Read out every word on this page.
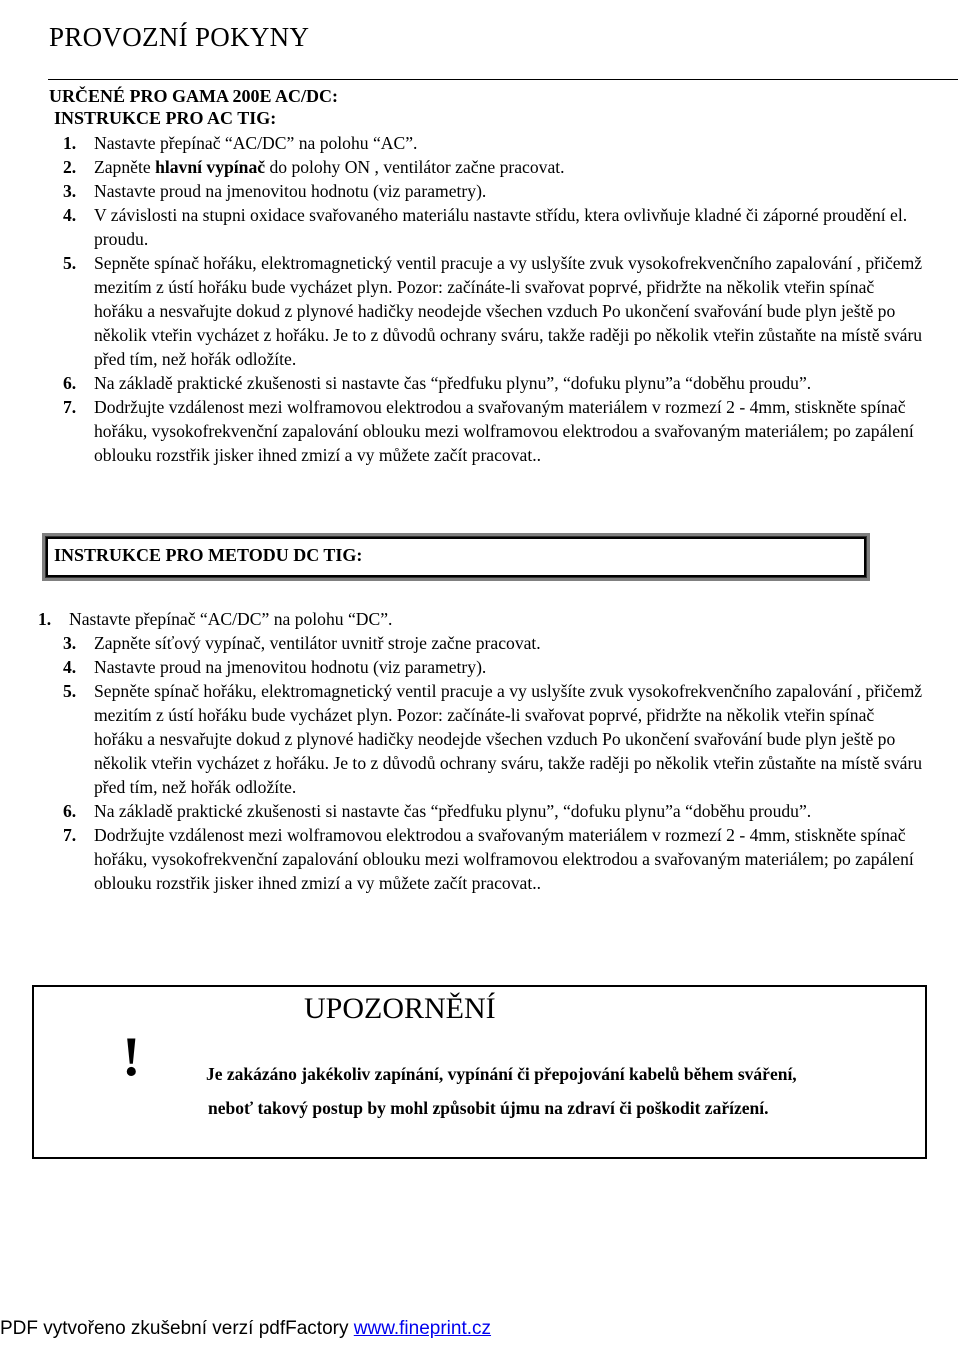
PROVOZNÍ POKYNY
URČENÉ PRO GAMA 200E AC/DC:
INSTRUKCE PRO AC TIG:
1.	Nastavte přepínač “AC/DC” na polohu “AC”.
2.	Zapněte hlavní vypínač do polohy ON , ventilátor začne pracovat.
3.	Nastavte proud na jmenovitou hodnotu (viz parametry).
4.	V závislosti na stupni oxidace svařovaného materiálu nastavte střídu, ktera ovlivňuje kladné či záporné proudění el. proudu.
5.	Sepněte spínač hořáku, elektromagnetický ventil pracuje a vy uslyšíte zvuk vysokofrekvenčního zapalování , přičemž mezitím z ústí hořáku bude vycházet plyn. Pozor: začínáte-li svařovat poprvé, přidržte na několik vteřin spínač hořáku a nesvařujte dokud z plynové hadičky neodejde všechen vzduch Po ukončení svařování bude plyn ještě po několik vteřin vycházet z hořáku. Je to z důvodů ochrany sváru, takže raději po několik vteřin zůstaňte na místě sváru před tím, než hořák odložíte.
6.	Na základě praktické zkušenosti si nastavte čas “předfuku plynu”, “dofuku plynu”a “doběhu proudu”.
7.	Dodržujte vzdálenost mezi wolframovou elektrodou a svařovaným materiálem v rozmezí 2 - 4mm, stiskněte spínač hořáku, vysokofrekvenční zapalování oblouku mezi wolframovou elektrodou a svařovaným materiálem; po zapálení oblouku rozstřik jisker ihned zmizí a vy můžete začít pracovat..
INSTRUKCE PRO METODU DC TIG:
1.	Nastavte přepínač “AC/DC” na polohu “DC”.
3.	Zapněte síťový vypínač, ventilátor uvnitř stroje začne pracovat.
4.	Nastavte proud na jmenovitou hodnotu (viz parametry).
5.	Sepněte spínač hořáku, elektromagnetický ventil pracuje a vy uslyšíte zvuk vysokofrekvenčního zapalování , přičemž mezitím z ústí hořáku bude vycházet plyn. Pozor: začínáte-li svařovat poprvé, přidržte na několik vteřin spínač hořáku a nesvařujte dokud z plynové hadičky neodejde všechen vzduch Po ukončení svařování bude plyn ještě po několik vteřin vycházet z hořáku. Je to z důvodů ochrany sváru, takže raději po několik vteřin zůstaňte na místě sváru před tím, než hořák odložíte.
6.	Na základě praktické zkušenosti si nastavte čas “předfuku plynu”, “dofuku plynu”a “doběhu proudu”.
7.	Dodržujte vzdálenost mezi wolframovou elektrodou a svařovaným materiálem v rozmezí 2 - 4mm, stiskněte spínač hořáku, vysokofrekvenční zapalování oblouku mezi wolframovou elektrodou a svařovaným materiálem; po zapálení oblouku rozstřik jisker ihned zmizí a vy můžete začít pracovat..
UPOZORNĚNÍ
!	Je zakázáno jakékoliv zapínání, vypínání či přepojování kabelů během sváření,
neboť takový postup by mohl způsobit újmu na zdraví či poškodit zařízení.
PDF vytvořeno zkušební verzí pdfFactory www.fineprint.cz
